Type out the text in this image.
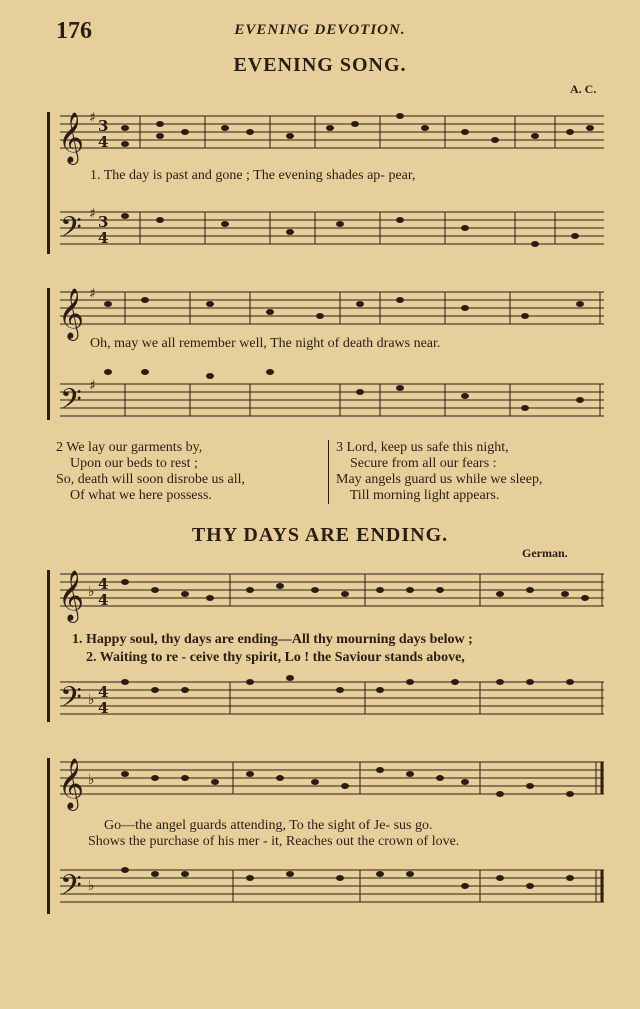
176	EVENING DEVOTION.
EVENING SONG.
A. C.
𝄞
𝄢
𝄞
𝄢
𝄞
𝄢
𝄞
𝄢
♯
♯
♯
♯
♭
♭
♭
♭
3
4
3
4
4
4
4
4
1. The day is past and gone ; The evening shades ap- pear,
Oh, may we all remember well, The night of death draws near.
2 We lay our garments by,
Upon our beds to rest ;
So, death will soon disrobe us all,
Of what we here possess.
3 Lord, keep us safe this night,
Secure from all our fears :
May angels guard us while we sleep,
Till morning light appears.
THY DAYS ARE ENDING.
German.
1. Happy soul, thy days are ending—All thy mourning days below ;
2. Waiting to re - ceive thy spirit, Lo ! the Saviour stands above,
Go—the angel guards attending, To the sight of Je- sus go.
Shows the purchase of his mer - it, Reaches out the crown of love.
